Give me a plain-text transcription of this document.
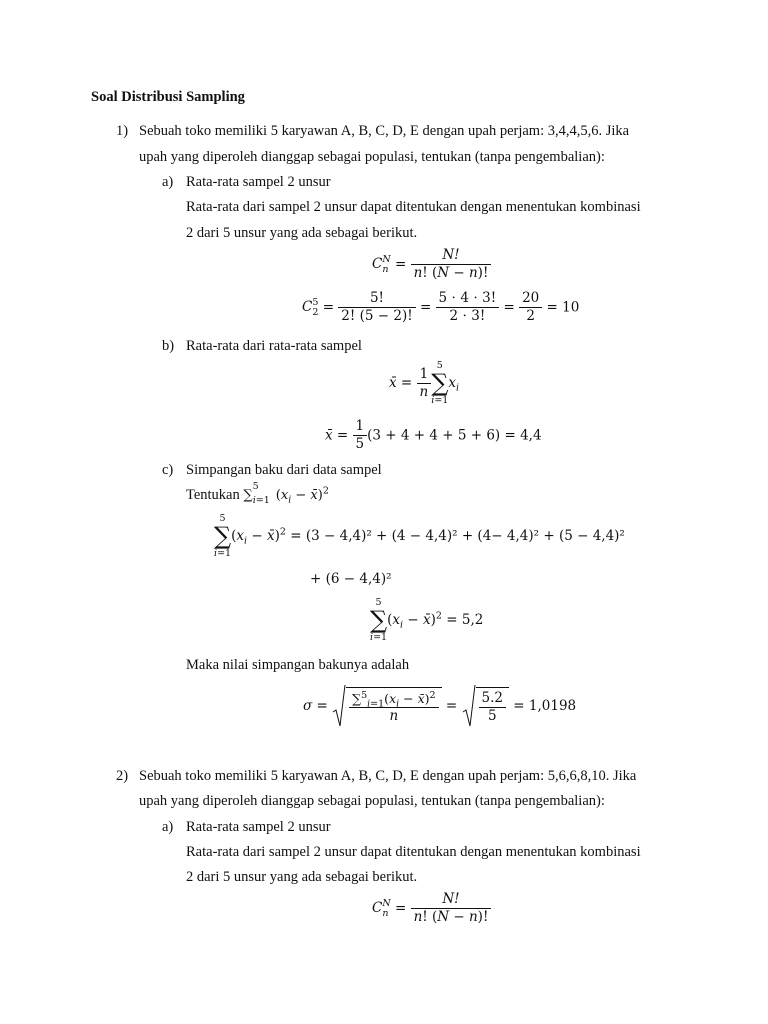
Soal Distribusi Sampling
1) Sebuah toko memiliki 5 karyawan A, B, C, D, E dengan upah perjam: 3,4,4,5,6. Jika
upah yang diperoleh dianggap sebagai populasi, tentukan (tanpa pengembalian):
a) Rata-rata sampel 2 unsur
Rata-rata dari sampel 2 unsur dapat ditentukan dengan menentukan kombinasi
2 dari 5 unsur yang ada sebagai berikut.
C N
$n = \frac{N!}{n! (N - n)!}$
C 5
$2 = \frac{5!}{2! (5 - 2)!} = \frac{5 \cdot 4 \cdot 3!}{2 \cdot 3!} = \frac{20}{2} = 10$
b) Rata-rata dari rata-rata sampel
x̄ = $\frac{1}{n} 5$
∑
i=1
$x_i$
x̄ = $\frac{1}{5} (3 + 4 + 4 + 5 + 6) = 4,4$
c) Simpangan baku dari data sampel
Tentukan ∑$^5_{i=1}$ ($x_i$ − x̄)$^2$
5
∑
i=1
($x_i$ − x̄)$^2$ = (3 − 4,4)² + (4 − 4,4)² + (4− 4,4)² + (5 − 4,4)²
+ (6 − 4,4)²
5
∑
i=1
($x_i$ − x̄)$^2$ = 5,2
Maka nilai simpangan bakunya adalah
$\sigma = \frac{\sum^5_{i=1}(x_i - x̄)^2}{n} = \frac{5.2}{5} = 1,0198$
2) Sebuah toko memiliki 5 karyawan A, B, C, D, E dengan upah perjam: 5,6,6,8,10. Jika
upah yang diperoleh dianggap sebagai populasi, tentukan (tanpa pengembalian):
a) Rata-rata sampel 2 unsur
Rata-rata dari sampel 2 unsur dapat ditentukan dengan menentukan kombinasi
2 dari 5 unsur yang ada sebagai berikut.
C N
$n = \frac{N!}{n! (N - n)!}$
